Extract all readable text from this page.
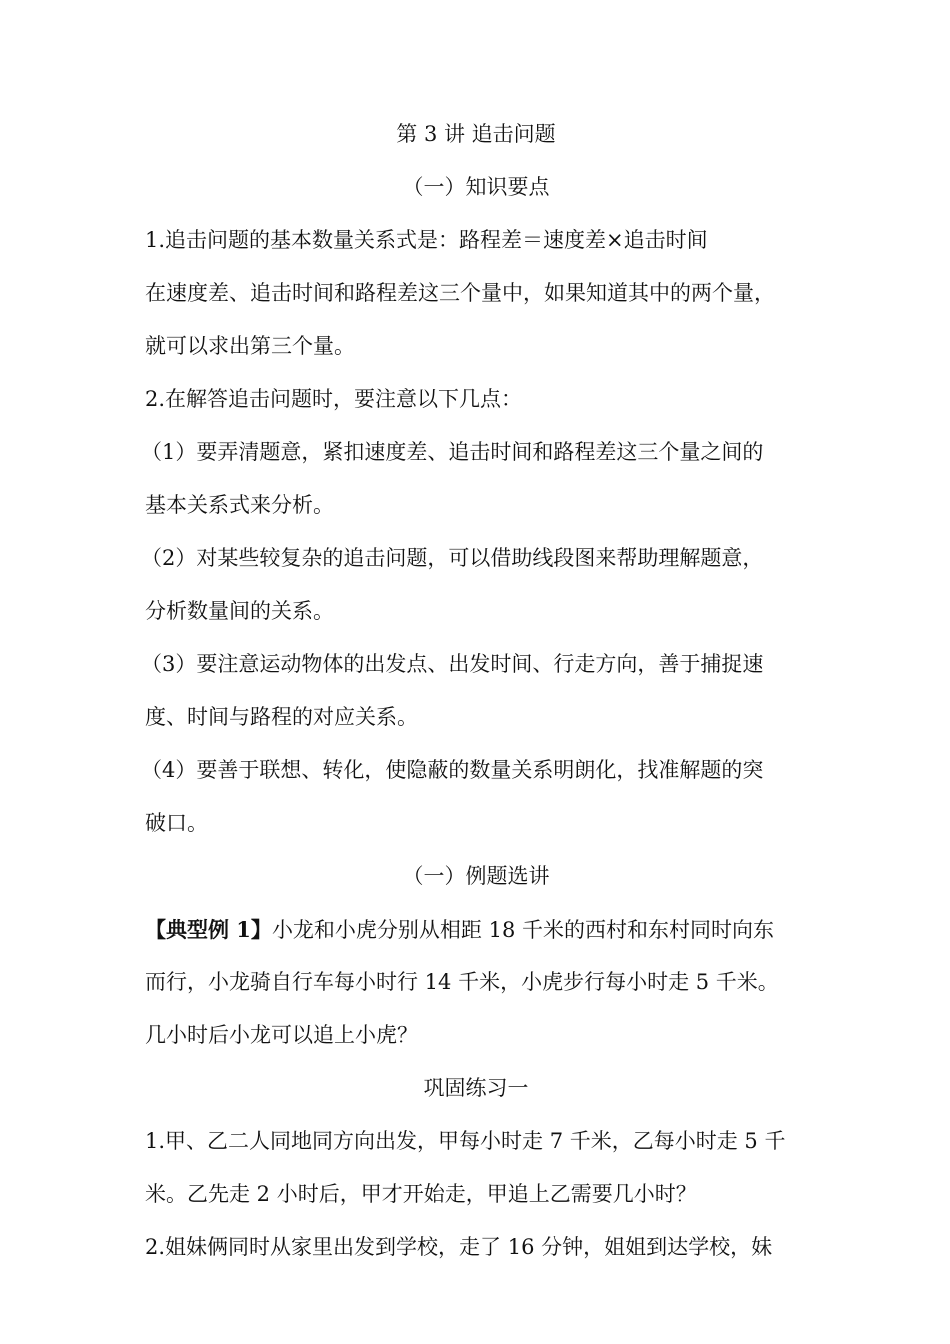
第 3 讲 追击问题
（一）知识要点
1.追击问题的基本数量关系式是：路程差＝速度差×追击时间
在速度差、追击时间和路程差这三个量中，如果知道其中的两个量，
就可以求出第三个量。
2.在解答追击问题时，要注意以下几点：
（1）要弄清题意，紧扣速度差、追击时间和路程差这三个量之间的
基本关系式来分析。
（2）对某些较复杂的追击问题，可以借助线段图来帮助理解题意，
分析数量间的关系。
（3）要注意运动物体的出发点、出发时间、行走方向，善于捕捉速
度、时间与路程的对应关系。
（4）要善于联想、转化，使隐蔽的数量关系明朗化，找准解题的突
破口。
（一）例题选讲
【典型例 1】小龙和小虎分别从相距 18 千米的西村和东村同时向东
而行，小龙骑自行车每小时行 14 千米，小虎步行每小时走 5 千米。
几小时后小龙可以追上小虎？
巩固练习一
1.甲、乙二人同地同方向出发，甲每小时走 7 千米，乙每小时走 5 千
米。乙先走 2 小时后，甲才开始走，甲追上乙需要几小时？
2.姐妹俩同时从家里出发到学校，走了 16 分钟，姐姐到达学校，妹
